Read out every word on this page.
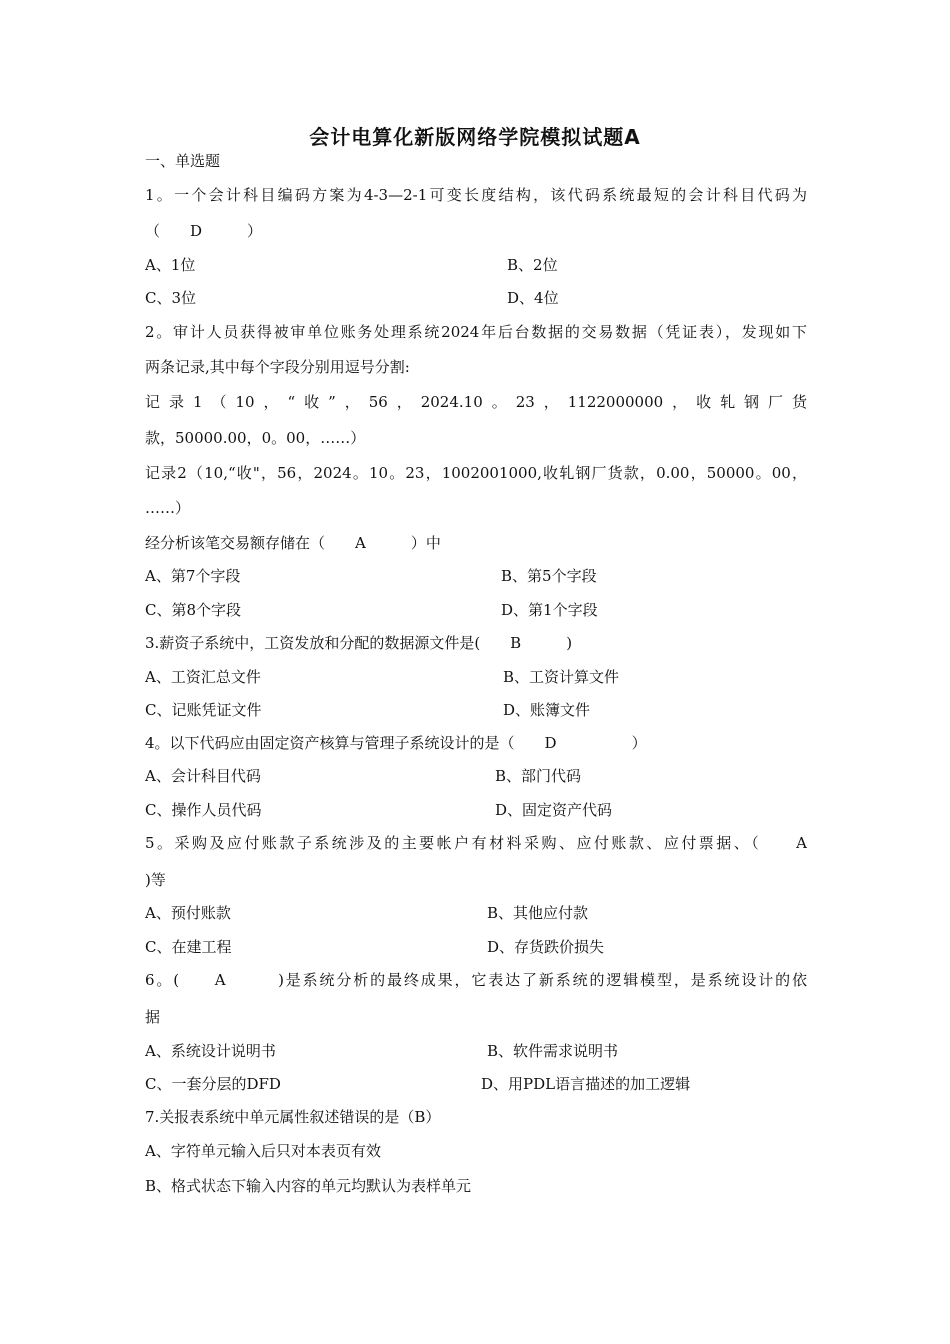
会计电算化新版网络学院模拟试题A
一、单选题
1。一个会计科目编码方案为4-3—2-1可变长度结构，该代码系统最短的会计科目代码为
（　　D　　　）
A、1位	B、2位
C、3位	D、4位
2。审计人员获得被审单位账务处理系统2024年后台数据的交易数据（凭证表），发现如下
两条记录,其中每个字段分别用逗号分割:
记录1（10，“收”，56，2024.10。23，1122000000，收轧钢厂货
款，50000.00，0。00，……）
记录2（10,“收"，56，2024。10。23，1002001000,收轧钢厂货款，0.00，50000。00，
……）
经分析该笔交易额存储在（　　A　　　）中
A、第7个字段	B、第5个字段
C、第8个字段	D、第1个字段
3.薪资子系统中，工资发放和分配的数据源文件是(　　B　　　)
A、工资汇总文件	B、工资计算文件
C、记账凭证文件	D、账簿文件
4。以下代码应由固定资产核算与管理子系统设计的是（　　D　　　　　）
A、会计科目代码	B、部门代码
C、操作人员代码	D、固定资产代码
5。采购及应付账款子系统涉及的主要帐户有材料采购、应付账款、应付票据、（　　A
)等
A、预付账款	B、其他应付款
C、在建工程	D、存货跌价损失
6。(　　A　　　)是系统分析的最终成果，它表达了新系统的逻辑模型，是系统设计的依
据
A、系统设计说明书	B、软件需求说明书
C、一套分层的DFD	D、用PDL语言描述的加工逻辑
7.关报表系统中单元属性叙述错误的是（B）
A、字符单元输入后只对本表页有效
B、格式状态下输入内容的单元均默认为表样单元
